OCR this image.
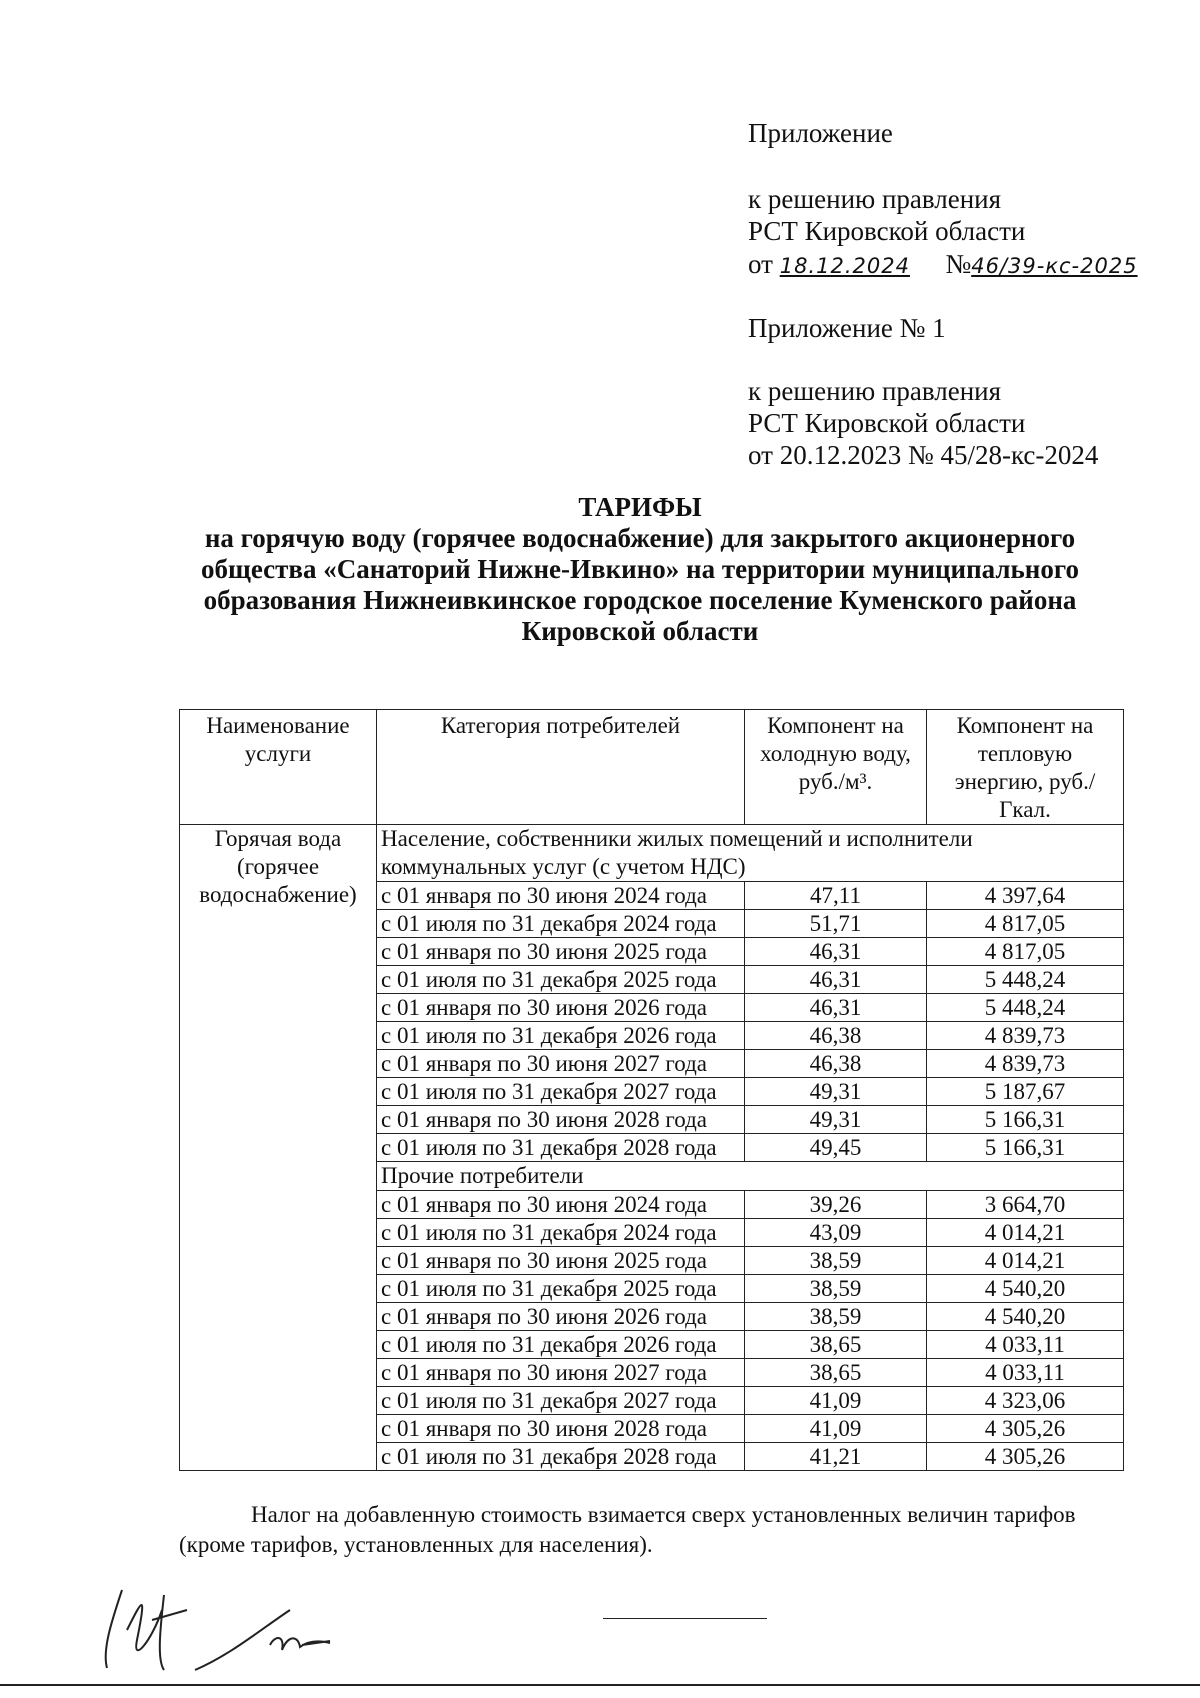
Приложение
к решению правления
РСТ Кировской области
от 18.12.2024 №46/39-кс-2025
Приложение № 1
к решению правления
РСТ Кировской области
от 20.12.2023 № 45/28-кс-2024
ТАРИФЫ
на горячую воду (горячее водоснабжение) для закрытого акционерного
общества «Санаторий Нижне-Ивкино» на территории муниципального
образования Нижнеивкинское городское поселение Куменского района
Кировской области
Наименование услуги	Категория потребителей	Компонент на холодную воду, руб./м³.	Компонент на тепловую энергию, руб./Гкал.
Горячая вода (горячее водоснабжение)	Население, собственники жилых помещений и исполнители коммунальных услуг (с учетом НДС)		
	с 01 января по 30 июня 2024 года	47,11	4 397,64
	с 01 июля по 31 декабря 2024 года	51,71	4 817,05
	с 01 января по 30 июня 2025 года	46,31	4 817,05
	с 01 июля по 31 декабря 2025 года	46,31	5 448,24
	с 01 января по 30 июня 2026 года	46,31	5 448,24
	с 01 июля по 31 декабря 2026 года	46,38	4 839,73
	с 01 января по 30 июня 2027 года	46,38	4 839,73
	с 01 июля по 31 декабря 2027 года	49,31	5 187,67
	с 01 января по 30 июня 2028 года	49,31	5 166,31
	с 01 июля по 31 декабря 2028 года	49,45	5 166,31
	Прочие потребители		
	с 01 января по 30 июня 2024 года	39,26	3 664,70
	с 01 июля по 31 декабря 2024 года	43,09	4 014,21
	с 01 января по 30 июня 2025 года	38,59	4 014,21
	с 01 июля по 31 декабря 2025 года	38,59	4 540,20
	с 01 января по 30 июня 2026 года	38,59	4 540,20
	с 01 июля по 31 декабря 2026 года	38,65	4 033,11
	с 01 января по 30 июня 2027 года	38,65	4 033,11
	с 01 июля по 31 декабря 2027 года	41,09	4 323,06
	с 01 января по 30 июня 2028 года	41,09	4 305,26
	с 01 июля по 31 декабря 2028 года	41,21	4 305,26
Налог на добавленную стоимость взимается сверх установленных величин тарифов (кроме тарифов, установленных для населения).
